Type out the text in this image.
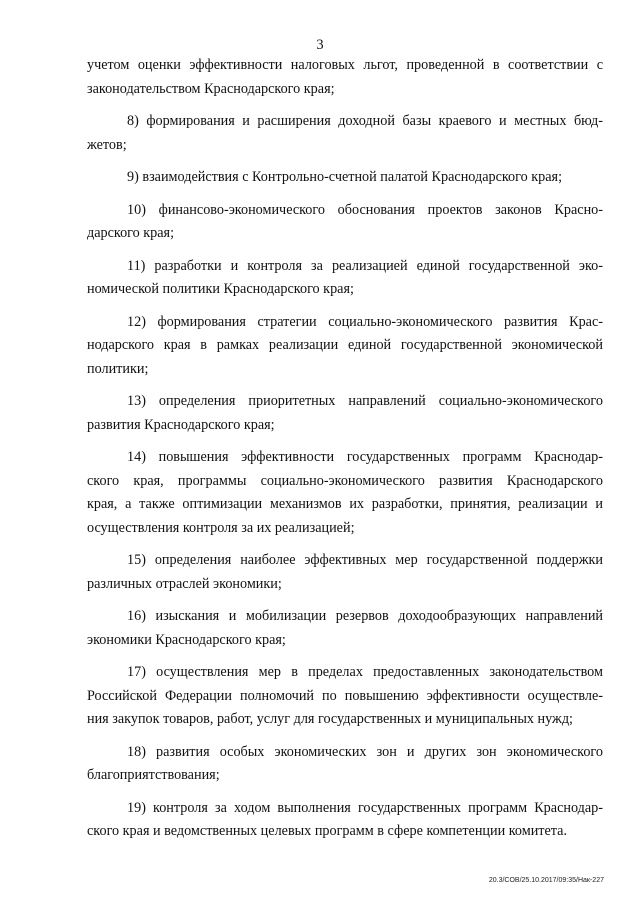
3
учетом оценки эффективности налоговых льгот, проведенной в соответствии с
законодательством Краснодарского края;
8) формирования и расширения доходной базы краевого и местных бюд-
жетов;
9) взаимодействия с Контрольно-счетной палатой Краснодарского края;
10) финансово-экономического обоснования проектов законов Красно-
дарского края;
11) разработки и контроля за реализацией единой государственной эко-
номической политики Краснодарского края;
12) формирования стратегии социально-экономического развития Крас-
нодарского края в рамках реализации единой государственной экономической
политики;
13) определения приоритетных направлений социально-экономического
развития Краснодарского края;
14) повышения эффективности государственных программ Краснодар-
ского края, программы социально-экономического развития Краснодарского
края, а также оптимизации механизмов их разработки, принятия, реализации и
осуществления контроля за их реализацией;
15) определения наиболее эффективных мер государственной поддержки
различных отраслей экономики;
16) изыскания и мобилизации резервов доходообразующих направлений
экономики Краснодарского края;
17) осуществления мер в пределах предоставленных законодательством
Российской Федерации полномочий по повышению эффективности осуществле-
ния закупок товаров, работ, услуг для государственных и муниципальных нужд;
18) развития особых экономических зон и других зон экономического
благоприятствования;
19) контроля за ходом выполнения государственных программ Краснодар-
ского края и ведомственных целевых программ в сфере компетенции комитета.
20.3/COB/25.10.2017/09:35/Нак-227
